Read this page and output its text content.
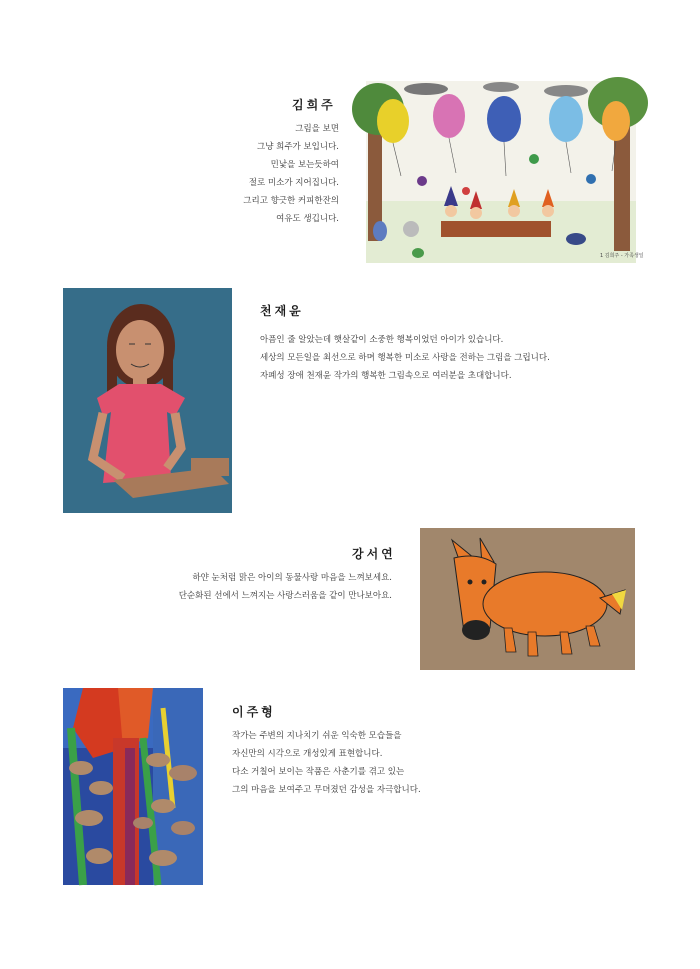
김희주
그림을 보면
그냥 희주가 보입니다.
민낯을 보는듯하여
절로 미소가 지어집니다.
그리고 향긋한 커피한잔의
여유도 생깁니다.
1 김희주 - 가족생일
천재윤
아픔인 줄 알았는데 햇살같이 소중한 행복이었던 아이가 있습니다.
세상의 모든일을 최선으로 하며 행복한 미소로 사랑을 전하는 그림을 그립니다.
자폐성 장애 천재윤 작가의 행복한 그림속으로 여러분을 초대합니다.
강서연
하얀 눈처럼 맑은 아이의 동물사랑 마음을 느껴보세요.
단순화된 선에서 느껴지는 사랑스러움을 같이 만나보아요.
이주형
작가는 주변의 지나치기 쉬운 익숙한 모습들을
자신만의 시각으로 개성있게 표현합니다.
다소 거칠어 보이는 작품은 사춘기를 겪고 있는
그의 마음을 보여주고 무뎌졌던 감성을 자극합니다.
